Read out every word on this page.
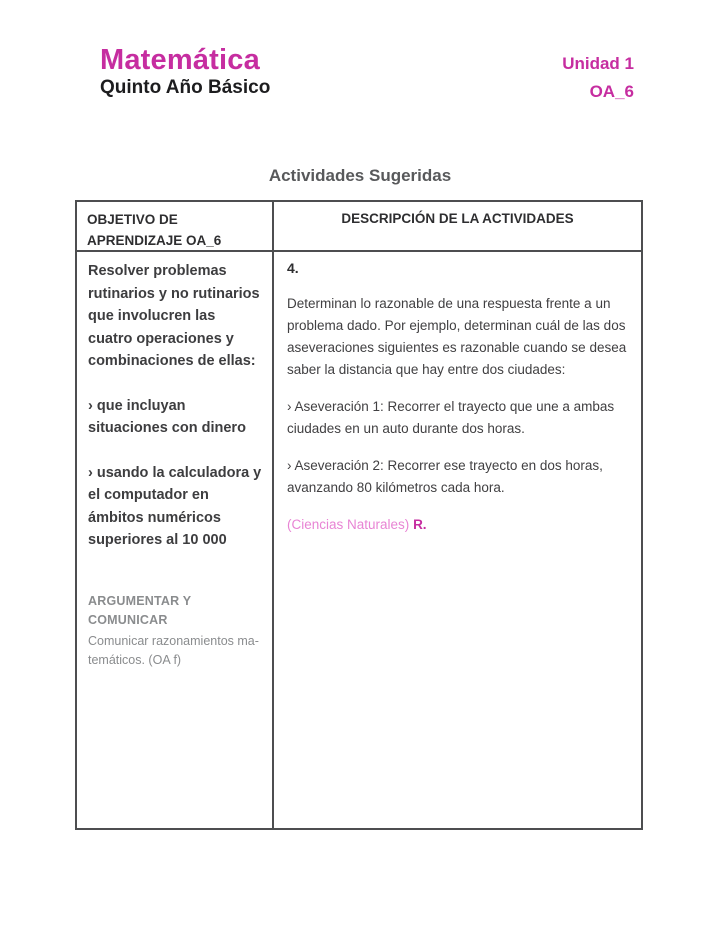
Matemática
Quinto Año Básico
Unidad 1
OA_6
Actividades Sugeridas
OBJETIVO DE APRENDIZAJE OA_6
DESCRIPCIÓN DE LA ACTIVIDADES

Resolver problemas rutinarios y no rutinarios que involucren las cuatro operaciones y combinaciones de ellas:

› que incluyan situaciones con dinero

› usando la calculadora y el computador en ámbitos numéricos superiores al 10 000

ARGUMENTAR Y COMUNICAR
Comunicar razonamientos ma-temáticos. (OA f)

4.

Determinan lo razonable de una respuesta frente a un problema dado. Por ejemplo, determinan cuál de las dos aseveraciones siguientes es razonable cuando se desea saber la distancia que hay entre dos ciudades:

› Aseveración 1: Recorrer el trayecto que une a ambas ciudades en un auto durante dos horas.

› Aseveración 2: Recorrer ese trayecto en dos horas, avanzando 80 kilómetros cada hora.

(Ciencias Naturales) R.
